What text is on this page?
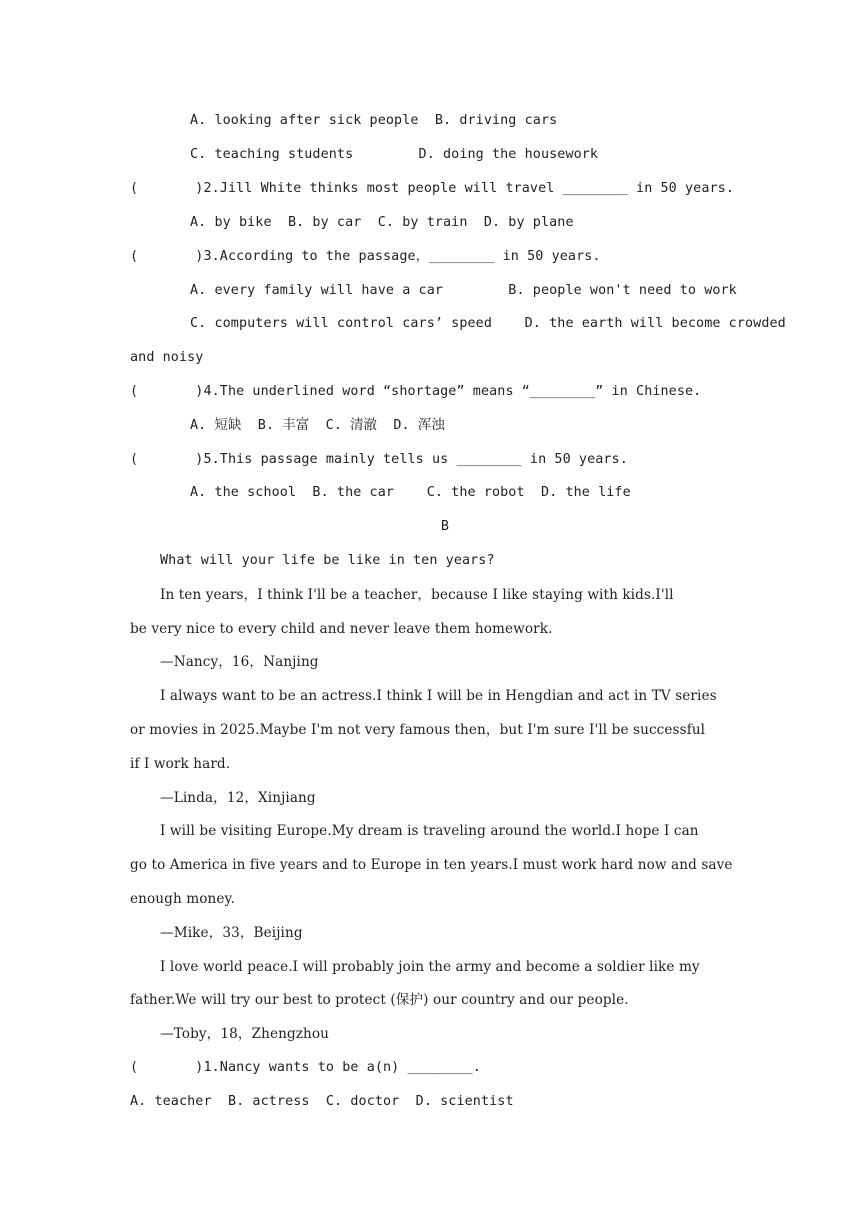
A. looking after sick people  B. driving cars
C. teaching students        D. doing the housework
(       )2.Jill White thinks most people will travel ________ in 50 years.
A. by bike  B. by car  C. by train  D. by plane
(       )3.According to the passage，________ in 50 years.
A. every family will have a car        B. people won't need to work
C. computers will control cars’ speed    D. the earth will become crowded
and noisy
(       )4.The underlined word “shortage” means “________” in Chinese.
A. 短缺  B. 丰富  C. 清澈  D. 浑浊
(       )5.This passage mainly tells us ________ in 50 years.
A. the school  B. the car    C. the robot  D. the life
B
What will your life be like in ten years?
In ten years，I think I'll be a teacher，because I like staying with kids.I'll
be very nice to every child and never leave them homework.
—Nancy，16，Nanjing
I always want to be an actress.I think I will be in Hengdian and act in TV series
or movies in 2025.Maybe I'm not very famous then，but I'm sure I'll be successful
if I work hard.
—Linda，12，Xinjiang
I will be visiting Europe.My dream is traveling around the world.I hope I can
go to America in five years and to Europe in ten years.I must work hard now and save
enough money.
—Mike，33，Beijing
I love world peace.I will probably join the army and become a soldier like my
father.We will try our best to protect (保护) our country and our people.
—Toby，18，Zhengzhou
(       )1.Nancy wants to be a(n) ________.
A. teacher  B. actress  C. doctor  D. scientist
